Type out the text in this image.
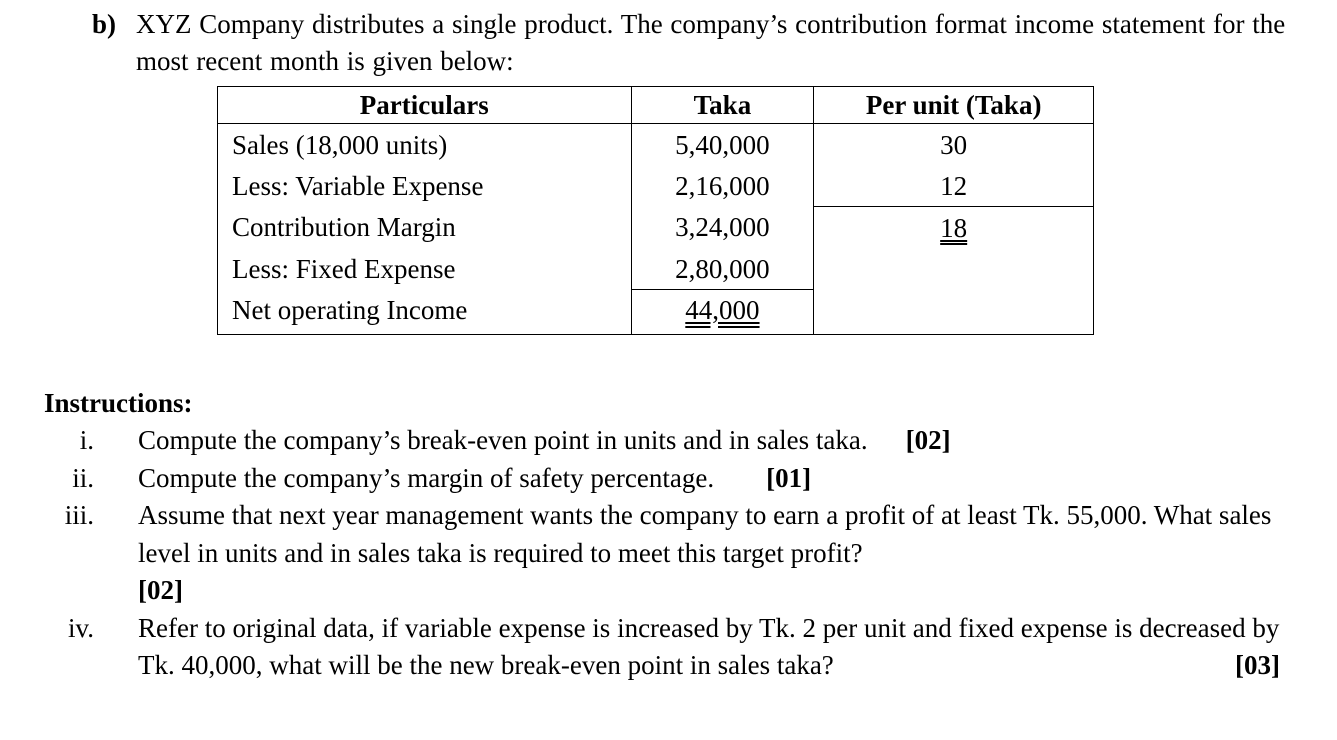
b) XYZ Company distributes a single product. The company’s contribution format income statement for the most recent month is given below:
Particulars	Taka	Per unit (Taka)
Sales (18,000 units)	5,40,000	30
Less: Variable Expense	2,16,000	12
Contribution Margin	3,24,000	18
Less: Fixed Expense	2,80,000	
Net operating Income	44,000	
Instructions:
i. Compute the company’s break-even point in units and in sales taka. [02]
ii. Compute the company’s margin of safety percentage. [01]
iii. Assume that next year management wants the company to earn a profit of at least Tk. 55,000. What sales level in units and in sales taka is required to meet this target profit?
[02]
iv. Refer to original data, if variable expense is increased by Tk. 2 per unit and fixed expense is decreased by Tk. 40,000, what will be the new break-even point in sales taka?	[03]
